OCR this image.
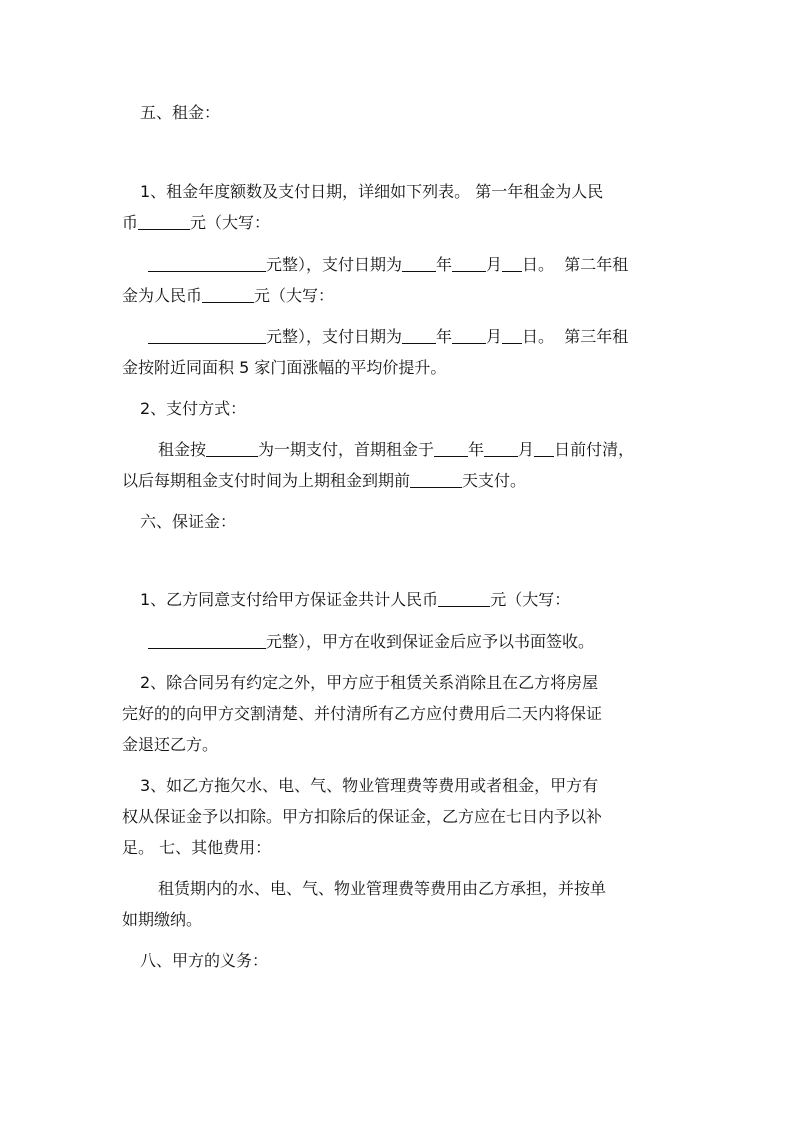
五、租金：
1、租金年度额数及支付日期，详细如下列表。 第一年租金为人民
币	元（大写：
元整），支付日期为 年 月 日。 第二年租
金为人民币	元（大写：
元整），支付日期为 年 月 日。 第三年租
金按附近同面积 5 家门面涨幅的平均价提升。
2、支付方式：
租金按	为一期支付，首期租金于 年 月 日前付清，
以后每期租金支付时间为上期租金到期前	天支付。
六、保证金：
1、乙方同意支付给甲方保证金共计人民币	元（大写：
元整），甲方在收到保证金后应予以书面签收。
2、除合同另有约定之外，甲方应于租赁关系消除且在乙方将房屋
完好的的向甲方交割清楚、并付清所有乙方应付费用后二天内将保证
金退还乙方。
3、如乙方拖欠水、电、气、物业管理费等费用或者租金，甲方有
权从保证金予以扣除。甲方扣除后的保证金，乙方应在七日内予以补
足。 七、其他费用：
租赁期内的水、电、气、物业管理费等费用由乙方承担，并按单
如期缴纳。
八、甲方的义务：
